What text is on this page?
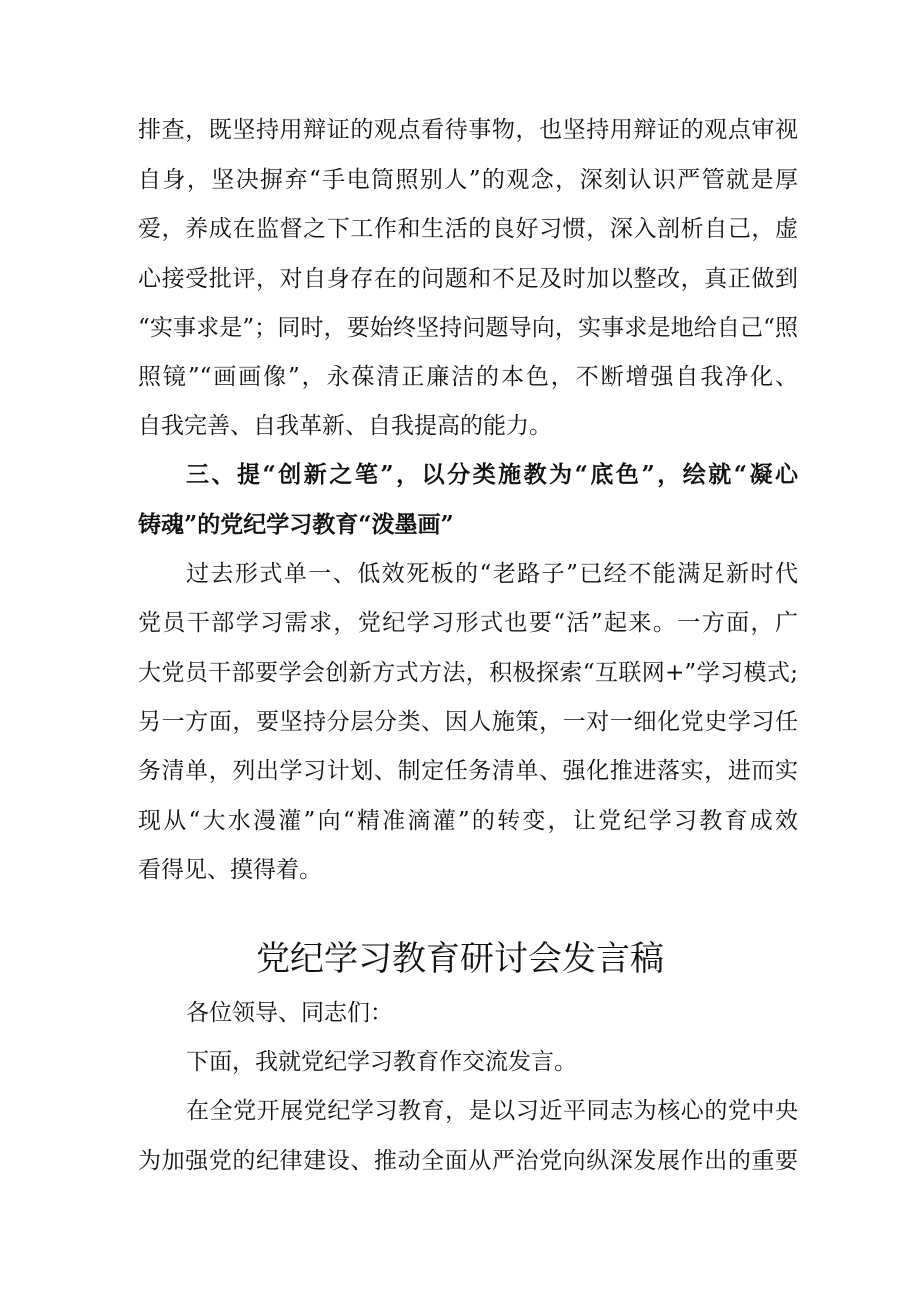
排查，既坚持用辩证的观点看待事物，也坚持用辩证的观点审视
自身，坚决摒弃“手电筒照别人”的观念，深刻认识严管就是厚
爱，养成在监督之下工作和生活的良好习惯，深入剖析自己，虚
心接受批评，对自身存在的问题和不足及时加以整改，真正做到
“实事求是”；同时，要始终坚持问题导向，实事求是地给自己“照
照镜”“画画像”，永葆清正廉洁的本色，不断增强自我净化、
自我完善、自我革新、自我提高的能力。
三、提“创新之笔”，以分类施教为“底色”，绘就“凝心
铸魂”的党纪学习教育“泼墨画”
过去形式单一、低效死板的“老路子”已经不能满足新时代
党员干部学习需求，党纪学习形式也要“活”起来。一方面，广
大党员干部要学会创新方式方法，积极探索“互联网+”学习模式;
另一方面，要坚持分层分类、因人施策，一对一细化党史学习任
务清单，列出学习计划、制定任务清单、强化推进落实，进而实
现从“大水漫灌”向“精准滴灌”的转变，让党纪学习教育成效
看得见、摸得着。
党纪学习教育研讨会发言稿
各位领导、同志们：
下面，我就党纪学习教育作交流发言。
在全党开展党纪学习教育，是以习近平同志为核心的党中央
为加强党的纪律建设、推动全面从严治党向纵深发展作出的重要
